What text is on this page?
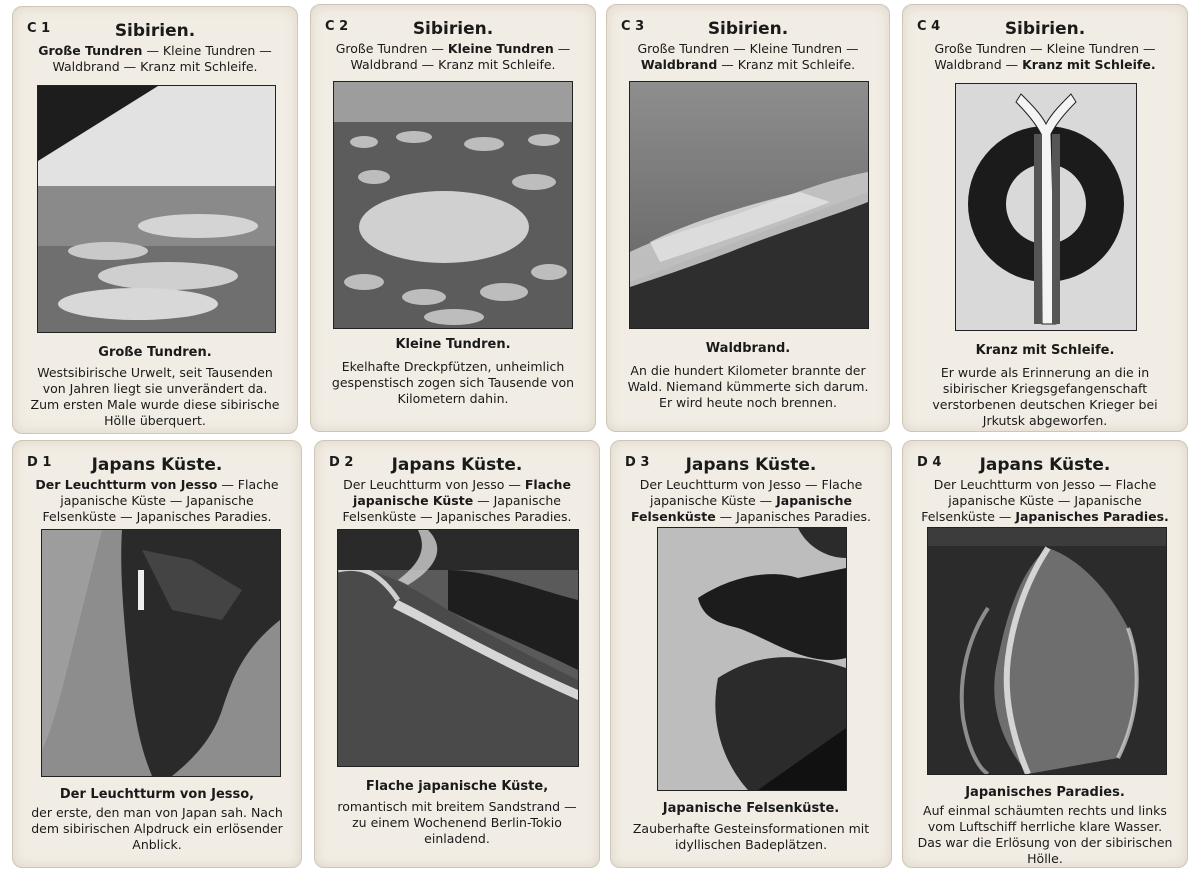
C 1	Sibirien.
Große Tundren — Kleine Tundren — Waldbrand — Kranz mit Schleife.
Große Tundren.
Westsibirische Urwelt, seit Tausenden von Jahren liegt sie unverändert da. Zum ersten Male wurde diese sibirische Hölle überquert.
C 2	Sibirien.
Große Tundren — Kleine Tundren — Waldbrand — Kranz mit Schleife.
Kleine Tundren.
Ekelhafte Dreckpfützen, unheimlich gespenstisch zogen sich Tausende von Kilometern dahin.
C 3	Sibirien.
Große Tundren — Kleine Tundren — Waldbrand — Kranz mit Schleife.
Waldbrand.
An die hundert Kilometer brannte der Wald. Niemand kümmerte sich darum. Er wird heute noch brennen.
C 4	Sibirien.
Große Tundren — Kleine Tundren — Waldbrand — Kranz mit Schleife.
Kranz mit Schleife.
Er wurde als Erinnerung an die in sibirischer Kriegsgefangenschaft verstorbenen deutschen Krieger bei Jrkutsk abgeworfen.
D 1	Japans Küste.
Der Leuchtturm von Jesso — Flache japanische Küste — Japanische Felsenküste — Japanisches Paradies.
Der Leuchtturm von Jesso,
der erste, den man von Japan sah. Nach dem sibirischen Alpdruck ein erlösender Anblick.
D 2	Japans Küste.
Der Leuchtturm von Jesso — Flache japanische Küste — Japanische Felsenküste — Japanisches Paradies.
Flache japanische Küste,
romantisch mit breitem Sandstrand — zu einem Wochenend Berlin-Tokio einladend.
D 3	Japans Küste.
Der Leuchtturm von Jesso — Flache japanische Küste — Japanische Felsenküste — Japanisches Paradies.
Japanische Felsenküste.
Zauberhafte Gesteinsformationen mit idyllischen Badeplätzen.
D 4	Japans Küste.
Der Leuchtturm von Jesso — Flache japanische Küste — Japanische Felsenküste — Japanisches Paradies.
Japanisches Paradies.
Auf einmal schäumten rechts und links vom Luftschiff herrliche klare Wasser. Das war die Erlösung von der sibirischen Hölle.
